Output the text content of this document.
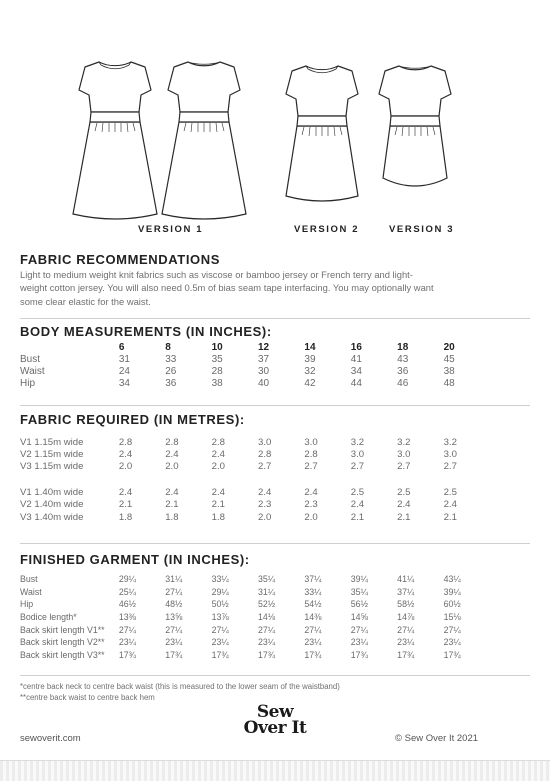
VERSION 1	VERSION 2	VERSION 3
FABRIC RECOMMENDATIONS
Light to medium weight knit fabrics such as viscose or bamboo jersey or French terry and light-
weight cotton jersey. You will also need 0.5m of bias seam tape interfacing. You may optionally want
some clear elastic for the waist.
BODY MEASUREMENTS (IN INCHES):
	6	8	10	12	14	16	18	20
Bust	31	33	35	37	39	41	43	45
Waist	24	26	28	30	32	34	36	38
Hip	34	36	38	40	42	44	46	48
FABRIC REQUIRED (IN METRES):
V1 1.15m wide	2.8	2.8	2.8	3.0	3.0	3.2	3.2	3.2
V2 1.15m wide	2.4	2.4	2.4	2.8	2.8	3.0	3.0	3.0
V3 1.15m wide	2.0	2.0	2.0	2.7	2.7	2.7	2.7	2.7

V1 1.40m wide	2.4	2.4	2.4	2.4	2.4	2.5	2.5	2.5
V2 1.40m wide	2.1	2.1	2.1	2.3	2.3	2.4	2.4	2.4
V3 1.40m wide	1.8	1.8	1.8	2.0	2.0	2.1	2.1	2.1
FINISHED GARMENT (IN INCHES):
Bust	29¼	31¼	33¼	35¼	37¼	39¼	41¼	43¼
Waist	25¼	27¼	29¼	31¼	33¼	35¼	37¼	39¼
Hip	46½	48½	50½	52½	54½	56½	58½	60½
Bodice length*	13⅜	13⅝	13⅞	14⅛	14⅜	14⅝	14⅞	15⅛
Back skirt length V1**	27¼	27¼	27¼	27¼	27¼	27¼	27¼	27¼
Back skirt length V2**	23¼	23¼	23¼	23¼	23¼	23¼	23¼	23¼
Back skirt length V3**	17¾	17¾	17¾	17¾	17¾	17¾	17¾	17¾
*centre back neck to centre back waist (this is measured to the lower seam of the waistband)
**centre back waist to centre back hem
sewoverit.com
Sew
Over It
© Sew Over It 2021
